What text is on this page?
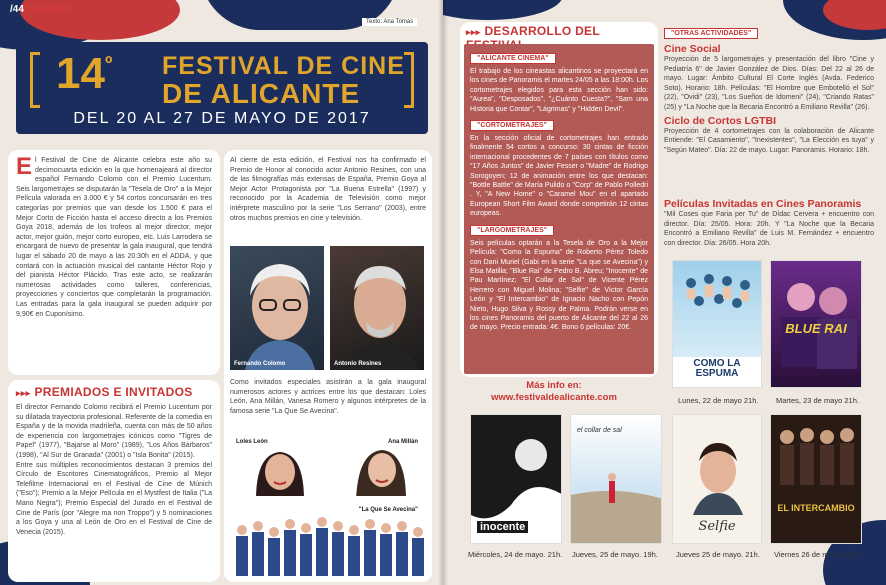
/44 Candente
Texto: Ana Tomás
$14^º$ FESTIVAL DE CINE
DE ALICANTE
DEL 20 AL 27 DE MAYO DE 2017
El Festival de Cine de Alicante celebra este año su decimocuarta edición en la que homenajeará al director español Fernando Colomo con el Premio Lucentum. Seis largometrajes se disputarán la "Tesela de Oro" a la Mejor Película valorada en 3.000 € y 54 cortos concursarán en tres categorías por premios que van desde los 1.500 € para el Mejor Corto de Ficción hasta el acceso directo a los Premios Goya 2018, además de los trofeos al mejor director, mejor actor, mejor guión, mejor corto europeo, etc. Luis Larrodera se encargará de nuevo de presentar la gala inaugural, que tendrá lugar el sábado 20 de mayo a las 20:30h en el ADDA, y que contará con la actuación musical del cantante Héctor Rojo y del pianista Héctor Plácido. Tras este acto, se realizarán numerosas actividades como talleres, conferencias, proyecciones y conciertos que completarán la programación. Las entradas para la gala inaugural se pueden adquirir por 9,90€ en Cuponísimo.
▸▸▸ PREMIADOS E INVITADOS
El director Fernando Colomo recibirá el Premio Lucentum por su dilatada trayectoria profesional. Referente de la comedia en España y de la movida madrileña, cuenta con más de 50 años de experiencia con largometrajes icónicos como "Tigres de Papel" (1977), "Bajarse al Moro" (1989), "Los Años Bárbaros" (1998), "Al Sur de Granada" (2001) o "Isla Bonita" (2015).
Entre sus múltiples reconocimientos destacan 3 premios del Círculo de Escritores Cinematográficos, Premio al Mejor Telefilme Internacional en el Festival de Cine de Múnich ("Eso"); Premio a la Mejor Película en el Mystfest de Italia ("La Mano Negra"); Premio Especial del Jurado en el Festival de Cine de París (por "Alegre ma non Troppo") y 5 nominaciones a los Goya y una al León de Oro en el Festival de Cine de Venecia (2015).
Al cierre de esta edición, el Festival nos ha confirmado el Premio de Honor al conocido actor Antonio Resines, con una de las filmografías más extensas de España, Premio Goya al Mejor Actor Protagonista por "La Buena Estrella" (1997) y reconocido por la Academia de Televisión como mejor intérprete masculino por la serie "Los Serrano" (2003), entre otros muchos premios en cine y televisión.
Fernando Colomo	Antonio Resines
Como invitados especiales asistirán a la gala inaugural numerosos actores y actrices entre los que destacan: Loles León, Ana Millán, Vanesa Romero y algunos intérpretes de la famosa serie "La Que Se Avecina".
Loles León	Ana Millán
"La Que Se Avecina"
▸▸▸ DESARROLLO DEL
"ALICANTE CINEMA"
El trabajo de los cineastas alicantinos se proyectará en los cines de Panoramis el martes 24/05 a las 18:00h. Los cortometrajes elegidos para esta sección han sido: "Aurea", "Desposados", "¿Cuánto Cuesta?", "Sam una Historia que Contar", "Lágrimas" y "Hidden Devil".
"CORTOMETRAJES"
En la sección oficial de cortometrajes han entrado finalmente 54 cortos a concurso: 30 cintas de ficción internacional procedentes de 7 países con títulos como "17 Años Juntos" de Javier Fesser o "Madre" de Rodrigo Sorogoyen; 12 de animación entre los que destacan: "Bottle Battle" de María Pulido o "Corp" de Pablo Polledri . Y, "A New Home" o "Caramel Mou" en el apartado European Short Film Award donde competirán 12 cintas europeas.
"LARGOMETRAJES"
Seis películas optarán a la Tesela de Oro a la Mejor Película: "Como la Espuma" de Roberto Pérez Toledo con Dani Muriel (Gabi en la serie "La que se Avecina") y Elsa Matilla; "Blue Rai" de Pedro B. Abreu; "Inocente" de Pau Martínez; "El Collar de Sal" de Vicente Pérez Herrero con Miguel Molina; "Selfie" de Víctor García León y "El Intercambio" de Ignacio Nacho con Pepón Nieto, Hugo Silva y Rossy de Palma. Podrán verse en los cines Panoramis del puerto de Alicante del 22 al 26 de mayo. Precio entrada: 4€. Bono 6 películas: 20€.
Más info en:
www.festivaldealicante.com
"OTRAS ACTIVIDADES"
Cine Social
Proyección de 5 largometrajes y presentación del libro "Cine y Pediatría 6" de Javier González de Dios. Días: Del 22 al 26 de mayo. Lugar: Ámbito Cultural El Corte Inglés (Avda. Federico Soto). Horario: 18h. Películas: "El Hombre que Embotelló el Sol" (22), "Ovidi" (23), "Los Sueños de Idomeni" (24), "Criando Ratas" (25) y "La Noche que la Becaria Encontró a Emiliano Revilla" (26).
Ciclo de Cortos LGTBI
Proyección de 4 cortometrajes con la colaboración de Alicante Entiende: "El Casamiento", "Inexistentes", "La Elección es tuya" y "Según Mateo". Día: 22 de mayo. Lugar: Panoramis. Horario: 18h.
Películas Invitadas en Cines Panoramis
"Mil Coses que Faria per Tu" de Dídac Cervera + encuentro con director. Día: 25/05. Hora: 20h. Y "La Noche que la Becaria Encontró a Emiliano Revilla" de Luis M. Fernández + encuentro con director. Día: 26/05. Hora 20h.
COMO LA ESPUMA
Lunes, 22 de mayo 21h.
BLUE RAI
Martes, 23 de mayo 21h.
inocente
Miércoles, 24 de mayo. 21h.
el collar de sal
Jueves, 25 de mayo. 19h.
Selfie
Jueves 25 de mayo. 21h.
EL INTERCAMBIO
Viernes 26 de mayo. 21h.
